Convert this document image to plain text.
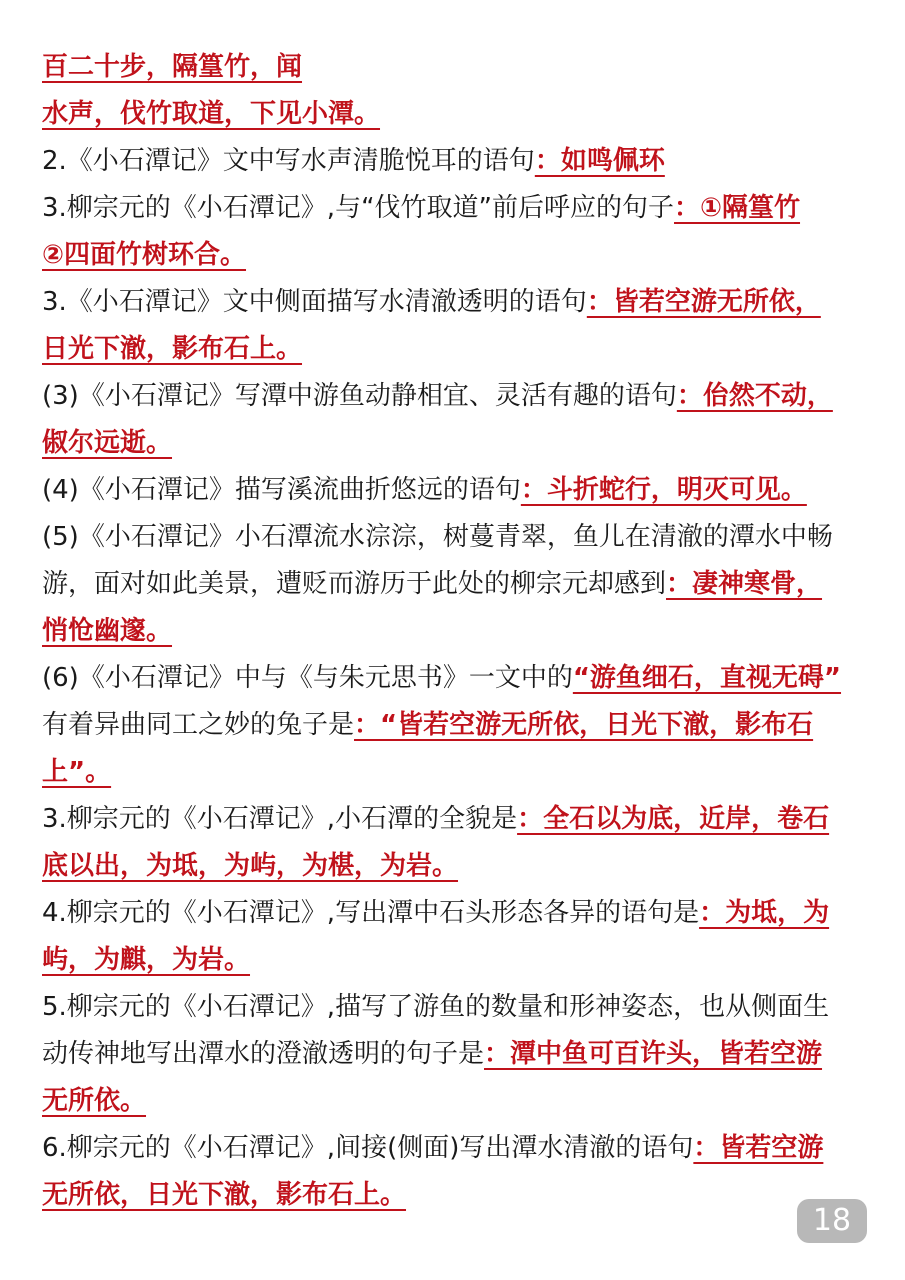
百二十步，隔篁竹，闻
水声，伐竹取道，下见小潭。
2.《小石潭记》文中写水声清脆悦耳的语句：如鸣佩环
3.柳宗元的《小石潭记》,与“伐竹取道”前后呼应的句子：①隔篁竹
②四面竹树环合。
3.《小石潭记》文中侧面描写水清澈透明的语句：皆若空游无所依，
日光下澈，影布石上。
(3)《小石潭记》写潭中游鱼动静相宜、灵活有趣的语句：佁然不动，
俶尔远逝。
(4)《小石潭记》描写溪流曲折悠远的语句：斗折蛇行，明灭可见。
(5)《小石潭记》小石潭流水淙淙，树蔓青翠，鱼儿在清澈的潭水中畅
游，面对如此美景，遭贬而游历于此处的柳宗元却感到：凄神寒骨，
悄怆幽邃。
(6)《小石潭记》中与《与朱元思书》一文中的“游鱼细石，直视无碍”
有着异曲同工之妙的兔子是：“皆若空游无所依，日光下澈，影布石
上”。
3.柳宗元的《小石潭记》,小石潭的全貌是：全石以为底，近岸，卷石
底以出，为坻，为屿，为椹，为岩。
4.柳宗元的《小石潭记》,写出潭中石头形态各异的语句是：为坻，为
屿，为麒，为岩。
5.柳宗元的《小石潭记》,描写了游鱼的数量和形神姿态，也从侧面生
动传神地写出潭水的澄澈透明的句子是：潭中鱼可百许头，皆若空游
无所依。
6.柳宗元的《小石潭记》,间接(侧面)写出潭水清澈的语句：皆若空游
无所依，日光下澈，影布石上。
18
